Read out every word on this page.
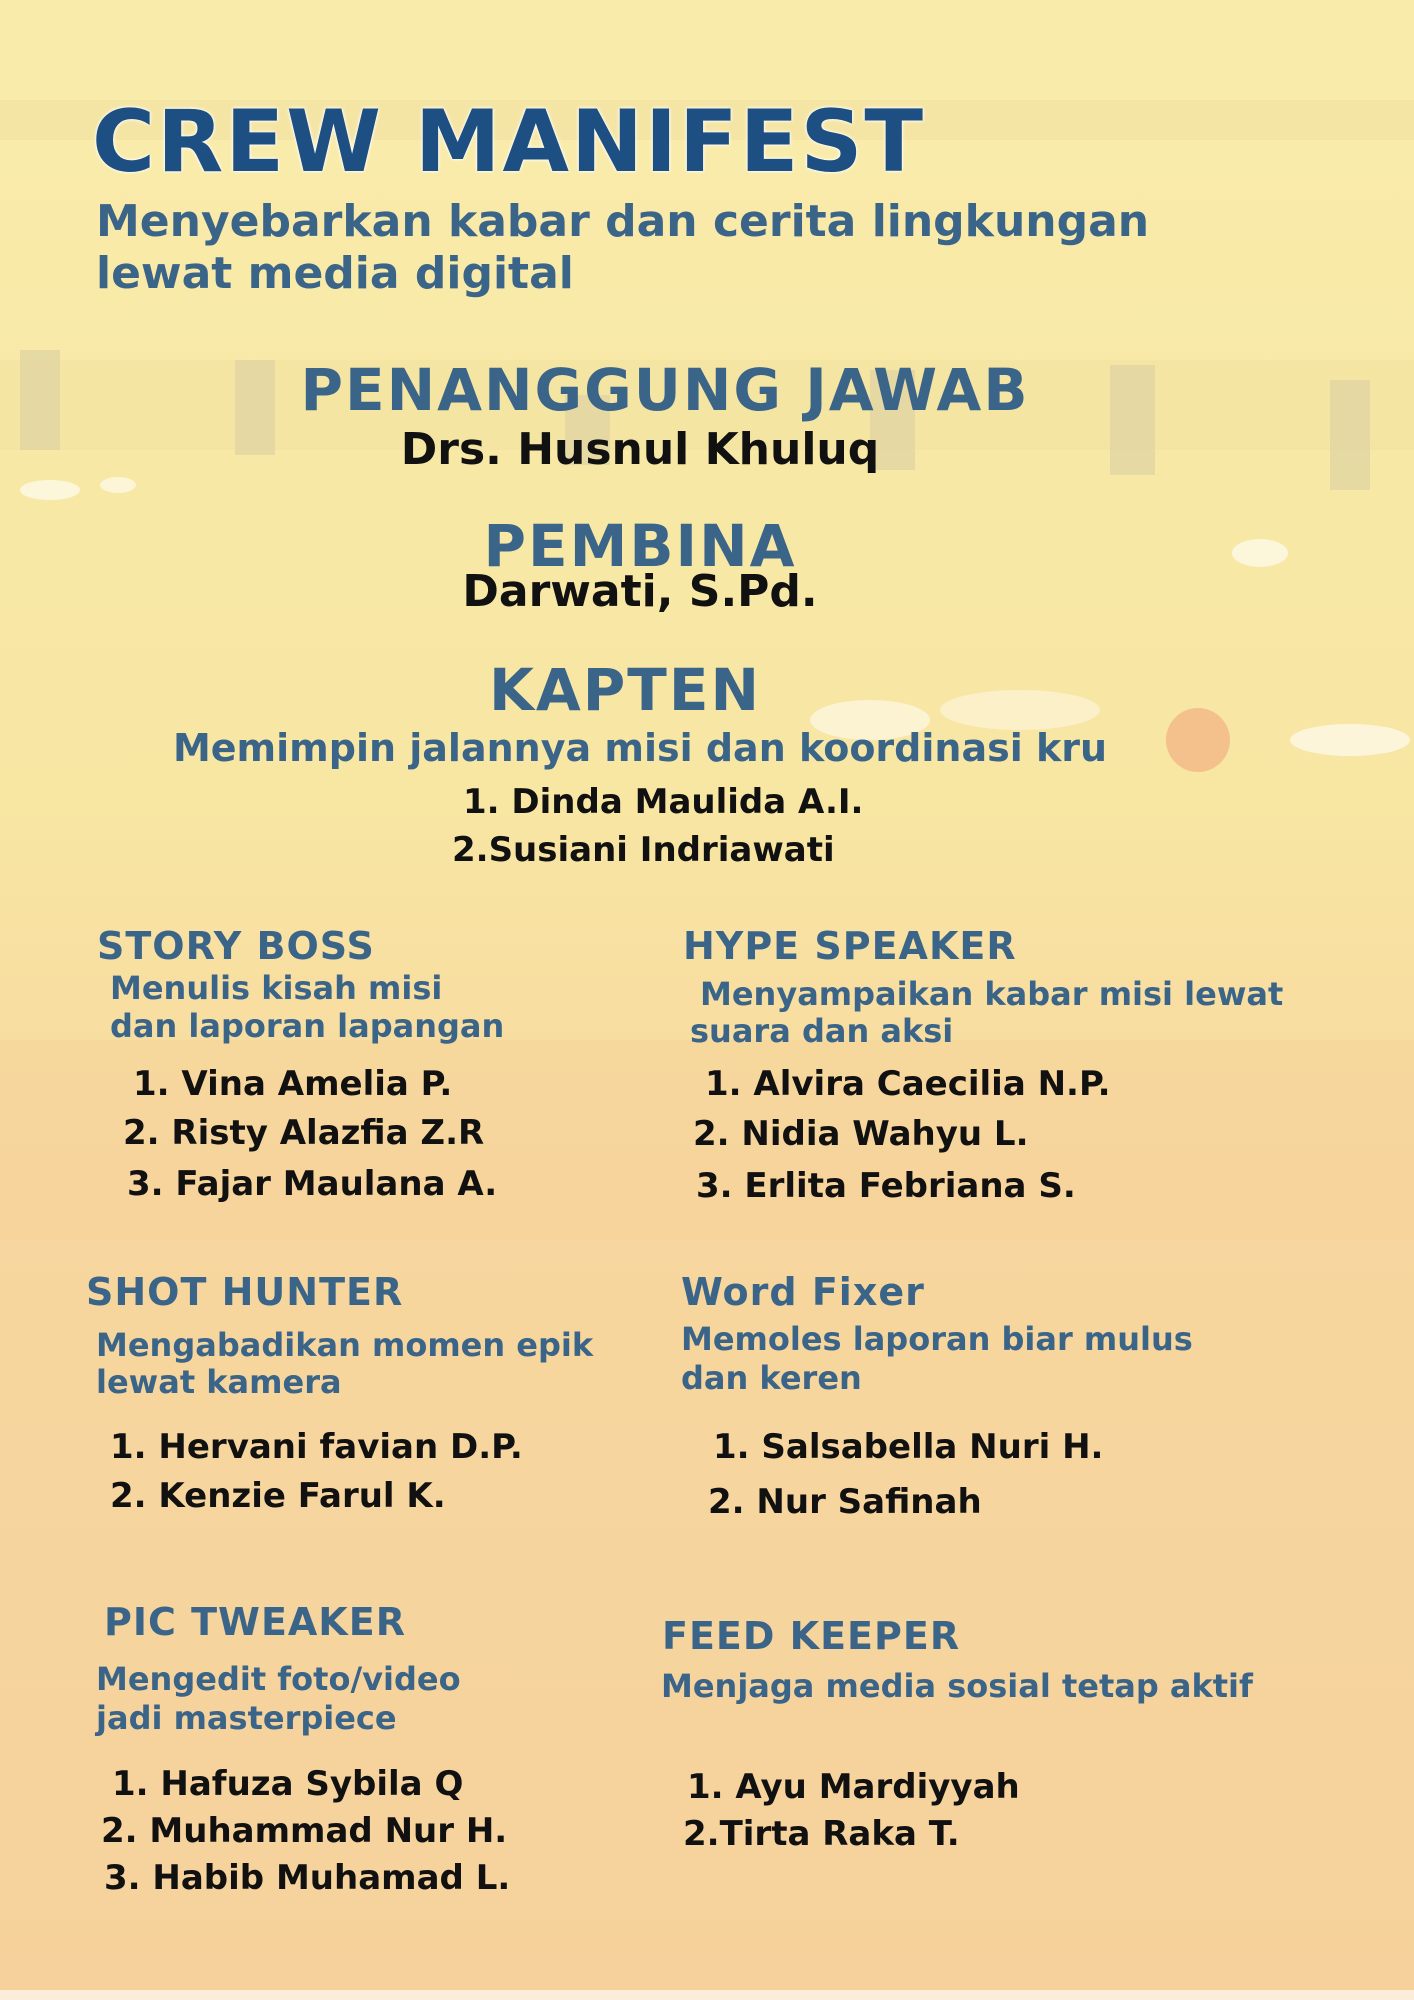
CREW MANIFEST
Menyebarkan kabar dan cerita lingkungan
lewat media digital
PENANGGUNG JAWAB
Drs. Husnul Khuluq
PEMBINA
Darwati, S.Pd.
KAPTEN
Memimpin jalannya misi dan koordinasi kru
1. Dinda Maulida A.I.
2.Susiani Indriawati
STORY BOSS
Menulis kisah misi
dan laporan lapangan
1. Vina Amelia P.
2. Risty Alazfia Z.R
3. Fajar Maulana A.
HYPE SPEAKER
Menyampaikan kabar misi lewat
suara dan aksi
1. Alvira Caecilia N.P.
2. Nidia Wahyu L.
3. Erlita Febriana S.
SHOT HUNTER
Mengabadikan momen epik
lewat kamera
1. Hervani favian D.P.
2. Kenzie Farul K.
Word Fixer
Memoles laporan biar mulus
dan keren
1. Salsabella Nuri H.
2. Nur Safinah
PIC TWEAKER
Mengedit foto/video
jadi masterpiece
1. Hafuza Sybila Q
2. Muhammad Nur H.
3. Habib Muhamad L.
FEED KEEPER
Menjaga media sosial tetap aktif
1. Ayu Mardiyyah
2.Tirta Raka T.
